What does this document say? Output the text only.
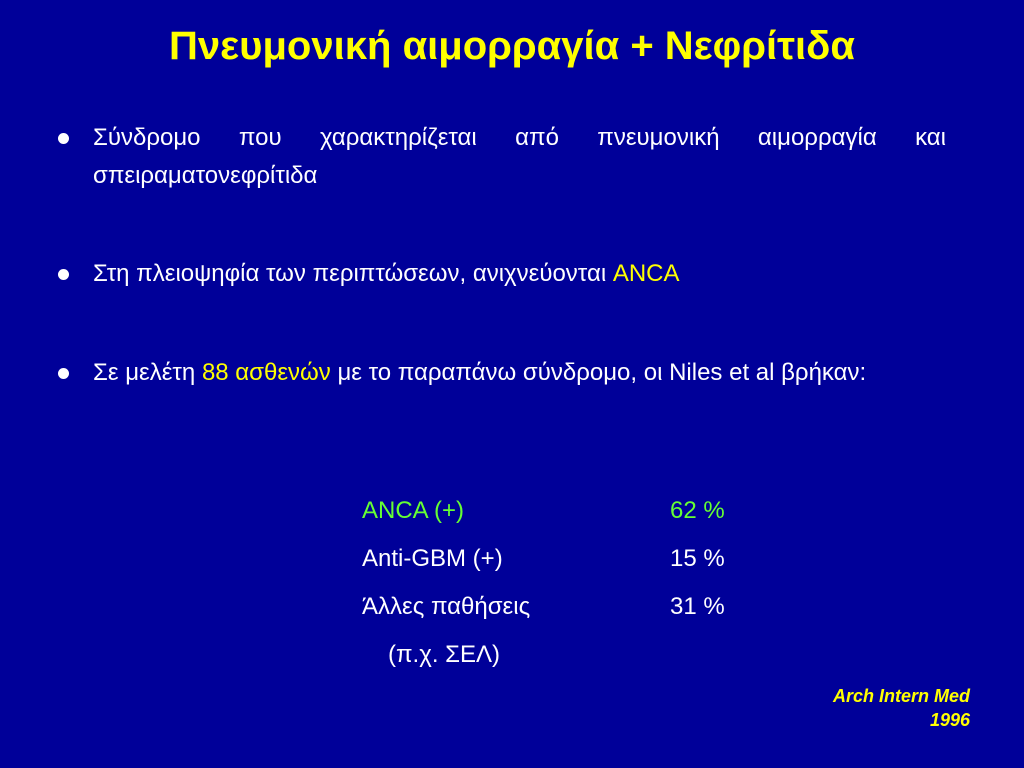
Πνευμονική αιμορραγία + Νεφρίτιδα
Σύνδρομο που χαρακτηρίζεται από πνευμονική αιμορραγία και σπειραματονεφρίτιδα
Στη πλειοψηφία των περιπτώσεων, ανιχνεύονται ANCA
Σε μελέτη 88 ασθενών με το παραπάνω σύνδρομο, οι Niles et al βρήκαν:
ANCA (+)	62 %
Anti-GBM (+)	15 %
Άλλες παθήσεις	31 %
(π.χ. ΣΕΛ)
Arch Intern Med
1996
